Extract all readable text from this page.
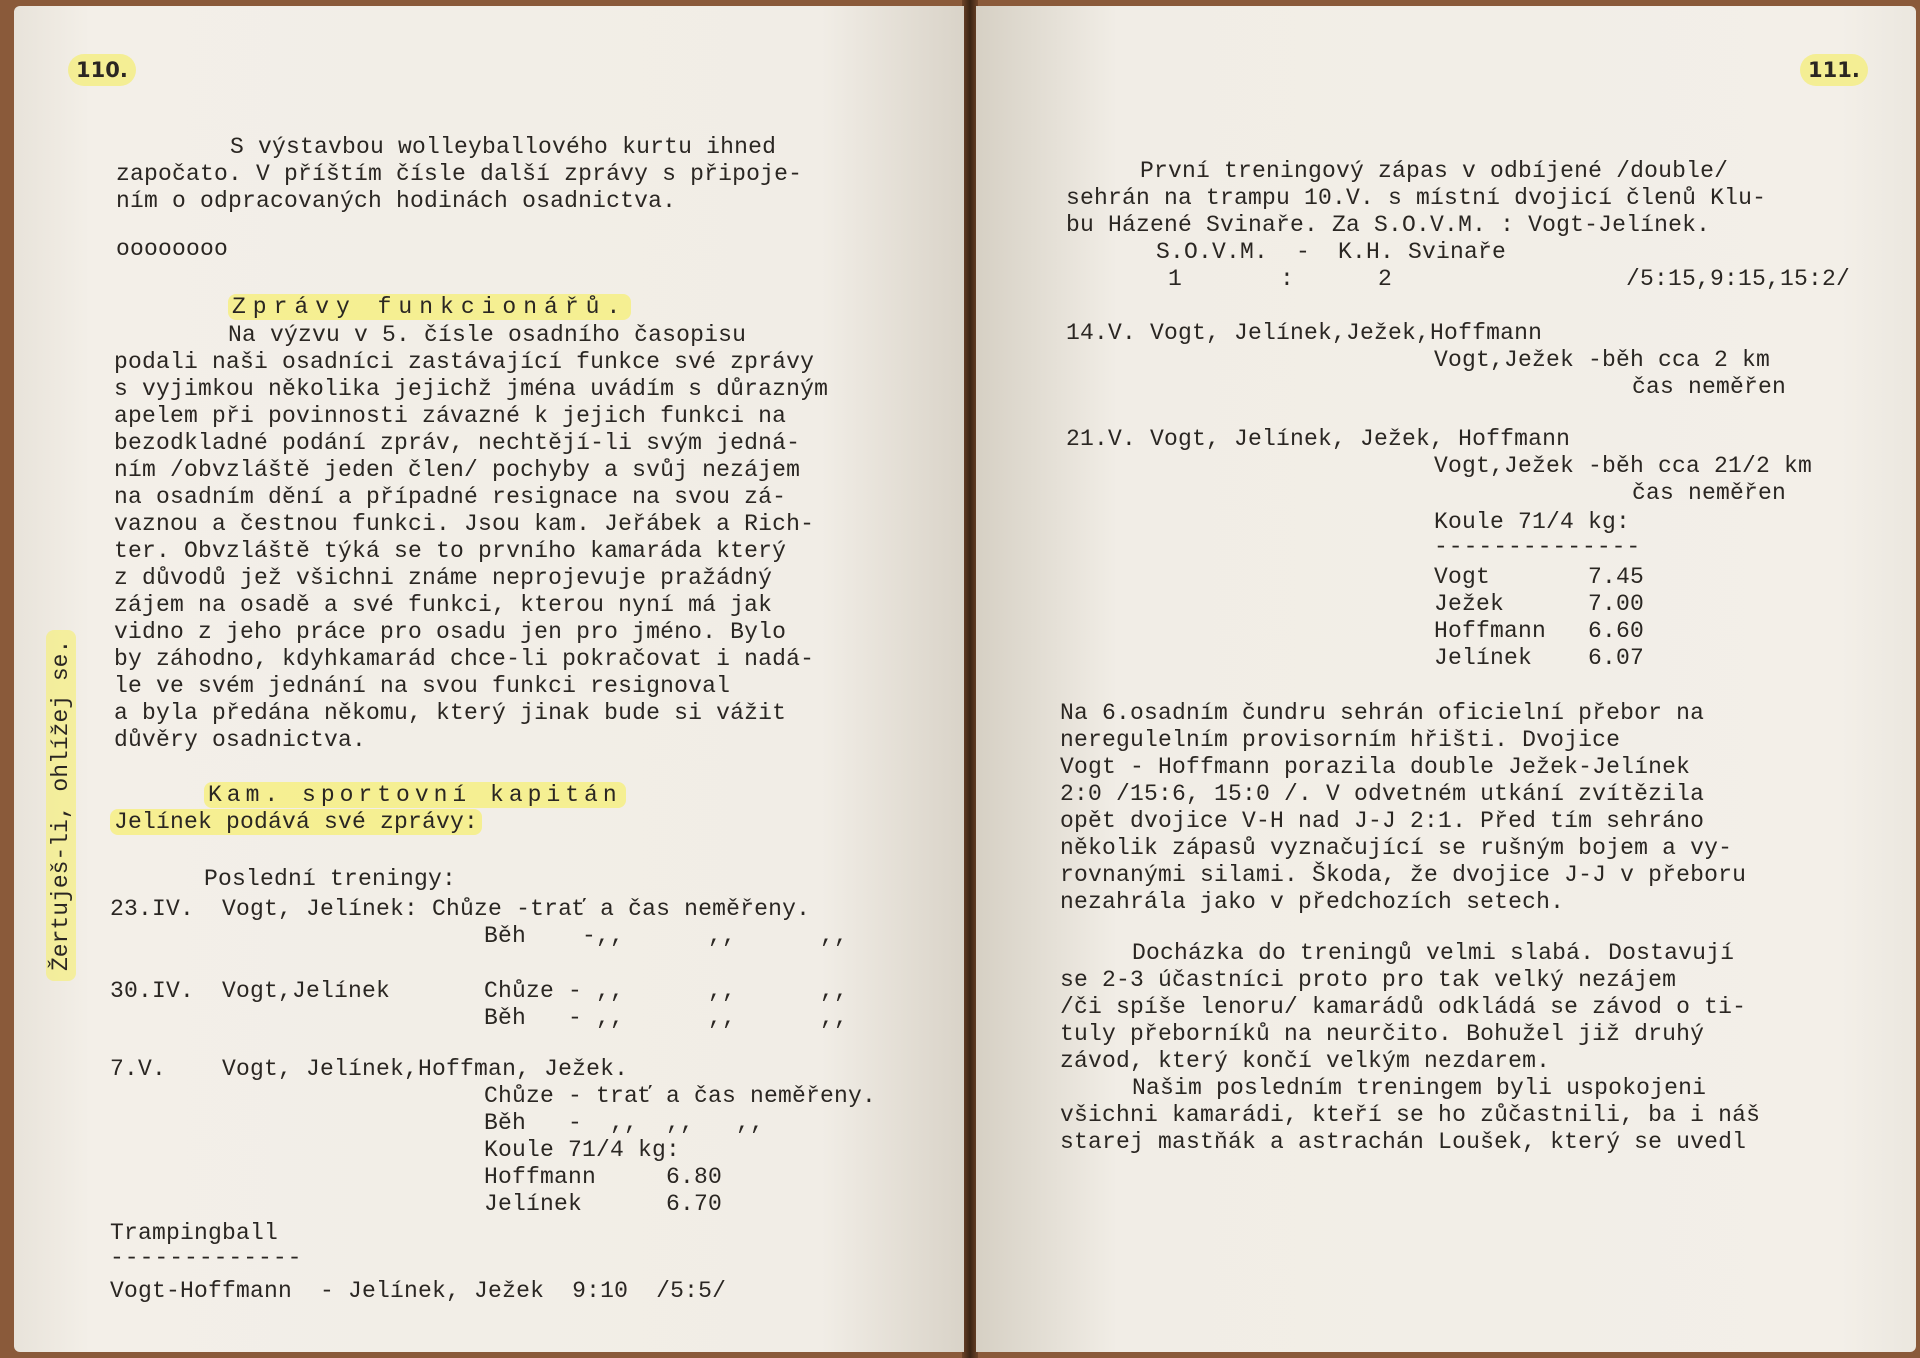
110.
Žertuješ-li, ohlížej se.
S výstavbou wolleyballového kurtu ihned
započato. V příštím čísle další zprávy s připoje-
ním o odpracovaných hodinách osadnictva.
oooooooo
Zprávy funkcionářů.
Na výzvu v 5. čísle osadního časopisu
podali naši osadníci zastávající funkce své zprávy
s vyjimkou několika jejichž jména uvádím s důrazným
apelem při povinnosti závazné k jejich funkci na
bezodkladné podání zpráv, nechtějí-li svým jedná-
ním /obvzláště jeden člen/ pochyby a svůj nezájem
na osadním dění a případné resignace na svou zá-
vaznou a čestnou funkci. Jsou kam. Jeřábek a Rich-
ter. Obvzláště týká se to prvního kamaráda který
z důvodů jež všichni známe neprojevuje pražádný
zájem na osadě a své funkci, kterou nyní má jak
vidno z jeho práce pro osadu jen pro jméno. Bylo
by záhodno, kdyhkamarád chce-li pokračovat i nadá-
le ve svém jednání na svou funkci resignoval
a byla předána někomu, který jinak bude si vážit
důvěry osadnictva.
Kam. sportovní kapitán
Jelínek podává své zprávy:
Poslední treningy:
23.IV.  Vogt, Jelínek: Chůze -trať a čas neměřeny.
Běh    -,,      ,,      ,,
30.IV.  Vogt,Jelínek	Chůze - ,,      ,,      ,,
Běh   - ,,      ,,      ,,
7.V.    Vogt, Jelínek,Hoffman, Ježek.
Chůze - trať a čas neměřeny.
Běh   -  ,,  ,,   ,,
Koule 71/4 kg:
Hoffmann     6.80
Jelínek      6.70
Trampingball
-------------
Vogt-Hoffmann  - Jelínek, Ježek  9:10  /5:5/
111.
První treningový zápas v odbíjené /double/
sehrán na trampu 10.V. s místní dvojicí členů Klu-
bu Házené Svinaře. Za S.O.V.M. : Vogt-Jelínek.
S.O.V.M.  -  K.H. Svinaře
1       :      2	/5:15,9:15,15:2/
14.V. Vogt, Jelínek,Ježek,Hoffmann
Vogt,Ježek -běh cca 2 km
čas neměřen
21.V. Vogt, Jelínek, Ježek, Hoffmann
Vogt,Ježek -běh cca 21/2 km
čas neměřen
Koule 71/4 kg:
--------------
Vogt       7.45
Ježek      7.00
Hoffmann   6.60
Jelínek    6.07
Na 6.osadním čundru sehrán oficielní přebor na
neregulelním provisorním hřišti. Dvojice
Vogt - Hoffmann porazila double Ježek-Jelínek
2:0 /15:6, 15:0 /. V odvetném utkání zvítězila
opět dvojice V-H nad J-J 2:1. Před tím sehráno
několik zápasů vyznačující se rušným bojem a vy-
rovnanými silami. Škoda, že dvojice J-J v přeboru
nezahrála jako v předchozích setech.
Docházka do treningů velmi slabá. Dostavují
se 2-3 účastníci proto pro tak velký nezájem
/či spíše lenoru/ kamarádů odkládá se závod o ti-
tuly přeborníků na neurčito. Bohužel již druhý
závod, který končí velkým nezdarem.
Našim posledním treningem byli uspokojeni
všichni kamarádi, kteří se ho zůčastnili, ba i náš
starej mastňák a astrachán Loušek, který se uvedl
